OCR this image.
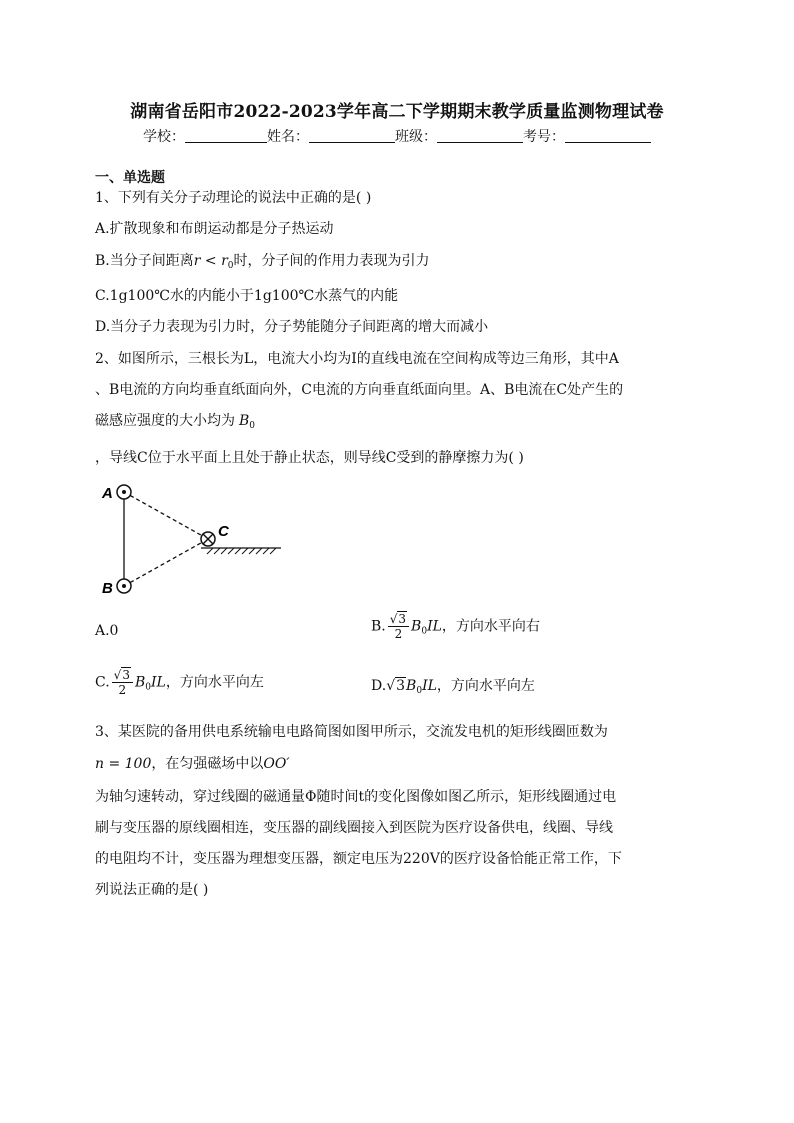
湖南省岳阳市2022-2023学年高二下学期期末教学质量监测物理试卷
学校：	姓名：	班级：	考号：
一、单选题
1、下列有关分子动理论的说法中正确的是( )
A.扩散现象和布朗运动都是分子热运动
B.当分子间距离$r < r_0$时，分子间的作用力表现为引力
C.1g100℃水的内能小于1g100℃水蒸气的内能
D.当分子力表现为引力时，分子势能随分子间距离的增大而减小
2、如图所示，三根长为L，电流大小均为I的直线电流在空间构成等边三角形，其中A
、B电流的方向均垂直纸面向外，C电流的方向垂直纸面向里。A、B电流在C处产生的
磁感应强度的大小均为 $B_0$
，导线C位于水平面上且处于静止状态，则导线C受到的静摩擦力为( )
A
B
C
A.0	B. $\frac{√3}{2} B_0IL$，方向水平向右
C. $\frac{√3}{2} B_0IL$，方向水平向左	$D.√3B_0IL$，方向水平向左
3、某医院的备用供电系统输电电路简图如图甲所示，交流发电机的矩形线圈匝数为
n = 100，在匀强磁场中以OO′
为轴匀速转动，穿过线圈的磁通量Φ随时间t的变化图像如图乙所示，矩形线圈通过电
刷与变压器的原线圈相连，变压器的副线圈接入到医院为医疗设备供电，线圈、导线
的电阻均不计，变压器为理想变压器，额定电压为220V的医疗设备恰能正常工作，下
列说法正确的是( )
